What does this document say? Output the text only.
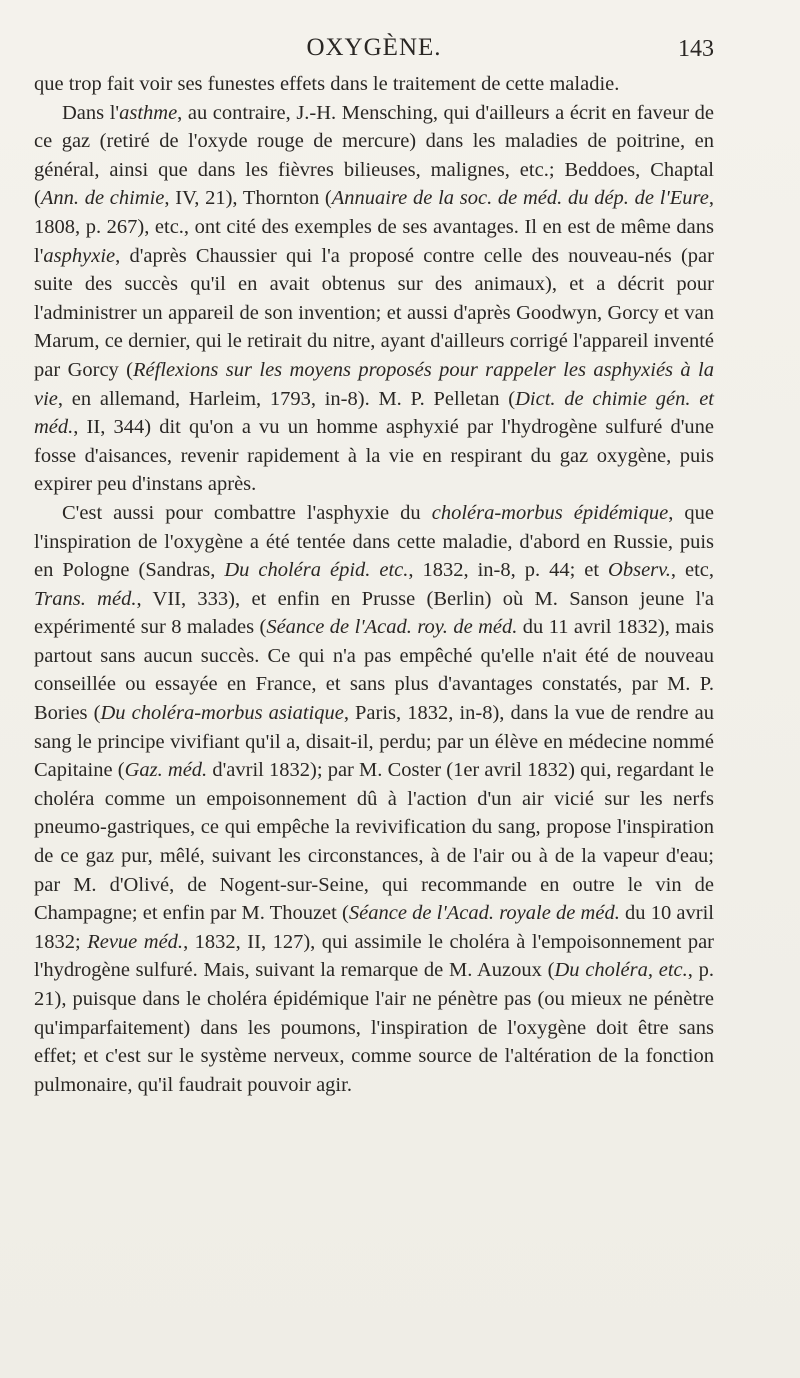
OXYGÈNE.	143

que trop fait voir ses funestes effets dans le traitement de cette maladie.

Dans l'asthme, au contraire, J.-H. Mensching, qui d'ailleurs a écrit en faveur de ce gaz (retiré de l'oxyde rouge de mercure) dans les maladies de poitrine, en général, ainsi que dans les fièvres bilieuses, malignes, etc.; Beddoes, Chaptal (Ann. de chimie, IV, 21), Thornton (Annuaire de la soc. de méd. du dép. de l'Eure, 1808, p. 267), etc., ont cité des exemples de ses avantages. Il en est de même dans l'asphyxie, d'après Chaussier qui l'a proposé contre celle des nouveau-nés (par suite des succès qu'il en avait obtenus sur des animaux), et a décrit pour l'administrer un appareil de son invention; et aussi d'après Goodwyn, Gorcy et van Marum, ce dernier, qui le retirait du nitre, ayant d'ailleurs corrigé l'appareil inventé par Gorcy (Réflexions sur les moyens proposés pour rappeler les asphyxiés à la vie, en allemand, Harleim, 1793, in-8). M. P. Pelletan (Dict. de chimie gén. et méd., II, 344) dit qu'on a vu un homme asphyxié par l'hydrogène sulfuré d'une fosse d'aisances, revenir rapidement à la vie en respirant du gaz oxygène, puis expirer peu d'instans après.

C'est aussi pour combattre l'asphyxie du choléra-morbus épidémique, que l'inspiration de l'oxygène a été tentée dans cette maladie, d'abord en Russie, puis en Pologne (Sandras, Du choléra épid. etc., 1832, in-8, p. 44; et Observ., etc, Trans. méd., VII, 333), et enfin en Prusse (Berlin) où M. Sanson jeune l'a expérimenté sur 8 malades (Séance de l'Acad. roy. de méd. du 11 avril 1832), mais partout sans aucun succès. Ce qui n'a pas empêché qu'elle n'ait été de nouveau conseillée ou essayée en France, et sans plus d'avantages constatés, par M. P. Bories (Du choléra-morbus asiatique, Paris, 1832, in-8), dans la vue de rendre au sang le principe vivifiant qu'il a, disait-il, perdu; par un élève en médecine nommé Capitaine (Gaz. méd. d'avril 1832); par M. Coster (1er avril 1832) qui, regardant le choléra comme un empoisonnement dû à l'action d'un air vicié sur les nerfs pneumo-gastriques, ce qui empêche la revivification du sang, propose l'inspiration de ce gaz pur, mêlé, suivant les circonstances, à de l'air ou à de la vapeur d'eau; par M. d'Olivé, de Nogent-sur-Seine, qui recommande en outre le vin de Champagne; et enfin par M. Thouzet (Séance de l'Acad. royale de méd. du 10 avril 1832; Revue méd., 1832, II, 127), qui assimile le choléra à l'empoisonnement par l'hydrogène sulfuré. Mais, suivant la remarque de M. Auzoux (Du choléra, etc., p. 21), puisque dans le choléra épidémique l'air ne pénètre pas (ou mieux ne pénètre qu'imparfaitement) dans les poumons, l'inspiration de l'oxygène doit être sans effet; et c'est sur le système nerveux, comme source de l'altération de la fonction pulmonaire, qu'il faudrait pouvoir agir.
